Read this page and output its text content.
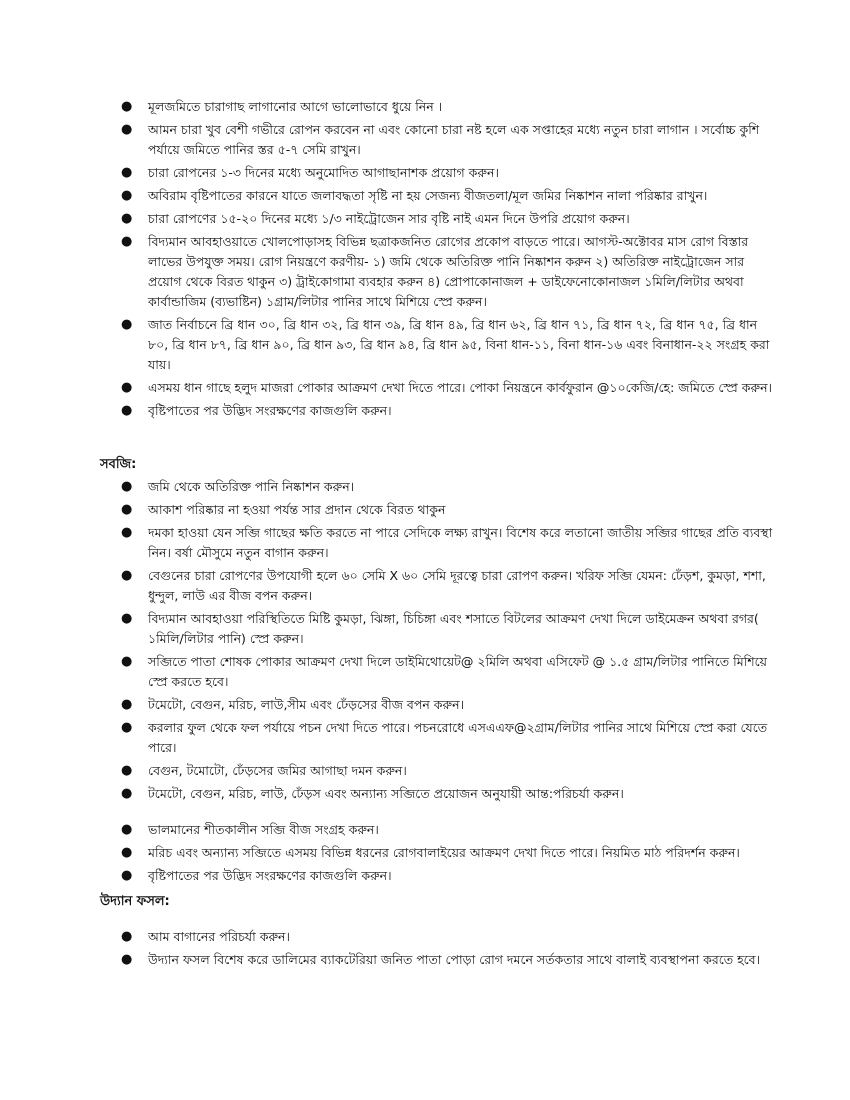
● মূলজমিতে চারাগাছ লাগানোর আগে ভালোভাবে ধুয়ে নিন ।
● আমন চারা খুব বেশী গভীরে রোপন করবেন না এবং কোনো চারা নষ্ট হলে এক সপ্তাহের মধ্যে নতুন চারা লাগান । সর্বোচ্চ কুশি পর্যায়ে জমিতে পানির স্তর ৫-৭ সেমি রাখুন।
● চারা রোপনের ১-৩ দিনের মধ্যে অনুমোদিত আগাছানাশক প্রয়োগ করুন।
● অবিরাম বৃষ্টিপাতের কারনে যাতে জলাবদ্ধতা সৃষ্টি না হয় সেজন্য বীজতলা/মূল জমির নিষ্কাশন নালা পরিষ্কার রাখুন।
● চারা রোপণের ১৫-২০ দিনের মধ্যে ১/৩ নাইট্রোজেন সার বৃষ্টি নাই এমন দিনে উপরি প্রয়োগ করুন।
● বিদ্যমান আবহাওয়াতে খোলপোড়াসহ বিভিন্ন ছত্রাকজনিত রোগের প্রকোপ বাড়তে পারে। আগস্ট-অক্টোবর মাস রোগ বিস্তার লাভের উপযুক্ত সময়। রোগ নিয়ন্ত্রণে করণীয়- ১) জমি থেকে অতিরিক্ত পানি নিষ্কাশন করুন ২) অতিরিক্ত নাইট্রোজেন সার প্রয়োগ থেকে বিরত থাকুন ৩) ট্রাইকোগামা ব্যবহার করুন ৪) প্রোপাকোনাজল + ডাইফেনোকোনাজল ১মিলি/লিটার অথবা কার্বান্ডাজিম (ব্যভাষ্টিন) ১গ্রাম/লিটার পানির সাথে মিশিয়ে স্প্রে করুন।
● জাত নির্বাচনে ব্রি ধান ৩০, ব্রি ধান ৩২, ব্রি ধান ৩৯, ব্রি ধান ৪৯, ব্রি ধান ৬২, ব্রি ধান ৭১, ব্রি ধান ৭২, ব্রি ধান ৭৫, ব্রি ধান ৮০, ব্রি ধান ৮৭, ব্রি ধান ৯০, ব্রি ধান ৯৩, ব্রি ধান ৯৪, ব্রি ধান ৯৫, বিনা ধান-১১, বিনা ধান-১৬ এবং বিনাধান-২২ সংগ্রহ করা যায়।
● এসময় ধান গাছে হলুদ মাজরা পোকার আক্রমণ দেখা দিতে পারে। পোকা নিয়ন্ত্রনে কার্বফুরান @১০কেজি/হে: জমিতে স্প্রে করুন।
● বৃষ্টিপাতের পর উদ্ভিদ সংরক্ষণের কাজগুলি করুন।
সবজি:
● জমি থেকে অতিরিক্ত পানি নিষ্কাশন করুন।
● আকাশ পরিষ্কার না হওয়া পর্যন্ত সার প্রদান থেকে বিরত থাকুন
● দমকা হাওয়া যেন সব্জি গাছের ক্ষতি করতে না পারে সেদিকে লক্ষ্য রাখুন। বিশেষ করে লতানো জাতীয় সব্জির গাছের প্রতি ব্যবস্থা নিন। বর্ষা মৌসুমে নতুন বাগান করুন।
● বেগুনের চারা রোপণের উপযোগী হলে ৬০ সেমি X ৬০ সেমি দূরত্বে চারা রোপণ করুন। খরিফ সব্জি যেমন: ঢেঁড়শ, কুমড়া, শশা, ধুন্দুল, লাউ এর বীজ বপন করুন।
● বিদ্যমান আবহাওয়া পরিস্থিতিতে মিষ্টি কুমড়া, ঝিঙ্গা, চিচিঙ্গা এবং শসাতে বিটলের আক্রমণ দেখা দিলে ডাইমেক্রন অথবা রগর( ১মিলি/লিটার পানি) স্প্রে করুন।
● সব্জিতে পাতা শোষক পোকার আক্রমণ দেখা দিলে ডাইমিথোয়েট@ ২মিলি অথবা এসিফেট @ ১.৫ গ্রাম/লিটার পানিতে মিশিয়ে স্প্রে করতে হবে।
● টমেটো, বেগুন, মরিচ, লাউ,সীম এবং ঢেঁড়সের বীজ বপন করুন।
● করলার ফুল থেকে ফল পর্যায়ে পচন দেখা দিতে পারে। পচনরোধে এসএএফ@২গ্রাম/লিটার পানির সাথে মিশিয়ে স্প্রে করা যেতে পারে।
● বেগুন, টমোটো, ঢেঁড়সের জমির আগাছা দমন করুন।
● টমেটো, বেগুন, মরিচ, লাউ, ঢেঁড়স এবং অন্যান্য সব্জিতে প্রয়োজন অনুযায়ী আন্ত:পরিচর্যা করুন।
● ভালমানের শীতকালীন সব্জি বীজ সংগ্রহ করুন।
● মরিচ এবং অন্যান্য সব্জিতে এসময় বিভিন্ন ধরনের রোগবালাইয়ের আক্রমণ দেখা দিতে পারে। নিয়মিত মাঠ পরিদর্শন করুন।
● বৃষ্টিপাতের পর উদ্ভিদ সংরক্ষণের কাজগুলি করুন।
উদ্যান ফসল:
● আম বাগানের পরিচর্যা করুন।
● উদ্যান ফসল বিশেষ করে ডালিমের ব্যাকটেরিয়া জনিত পাতা পোড়া রোগ দমনে সর্তকতার সাথে বালাই ব্যবস্থাপনা করতে হবে।
